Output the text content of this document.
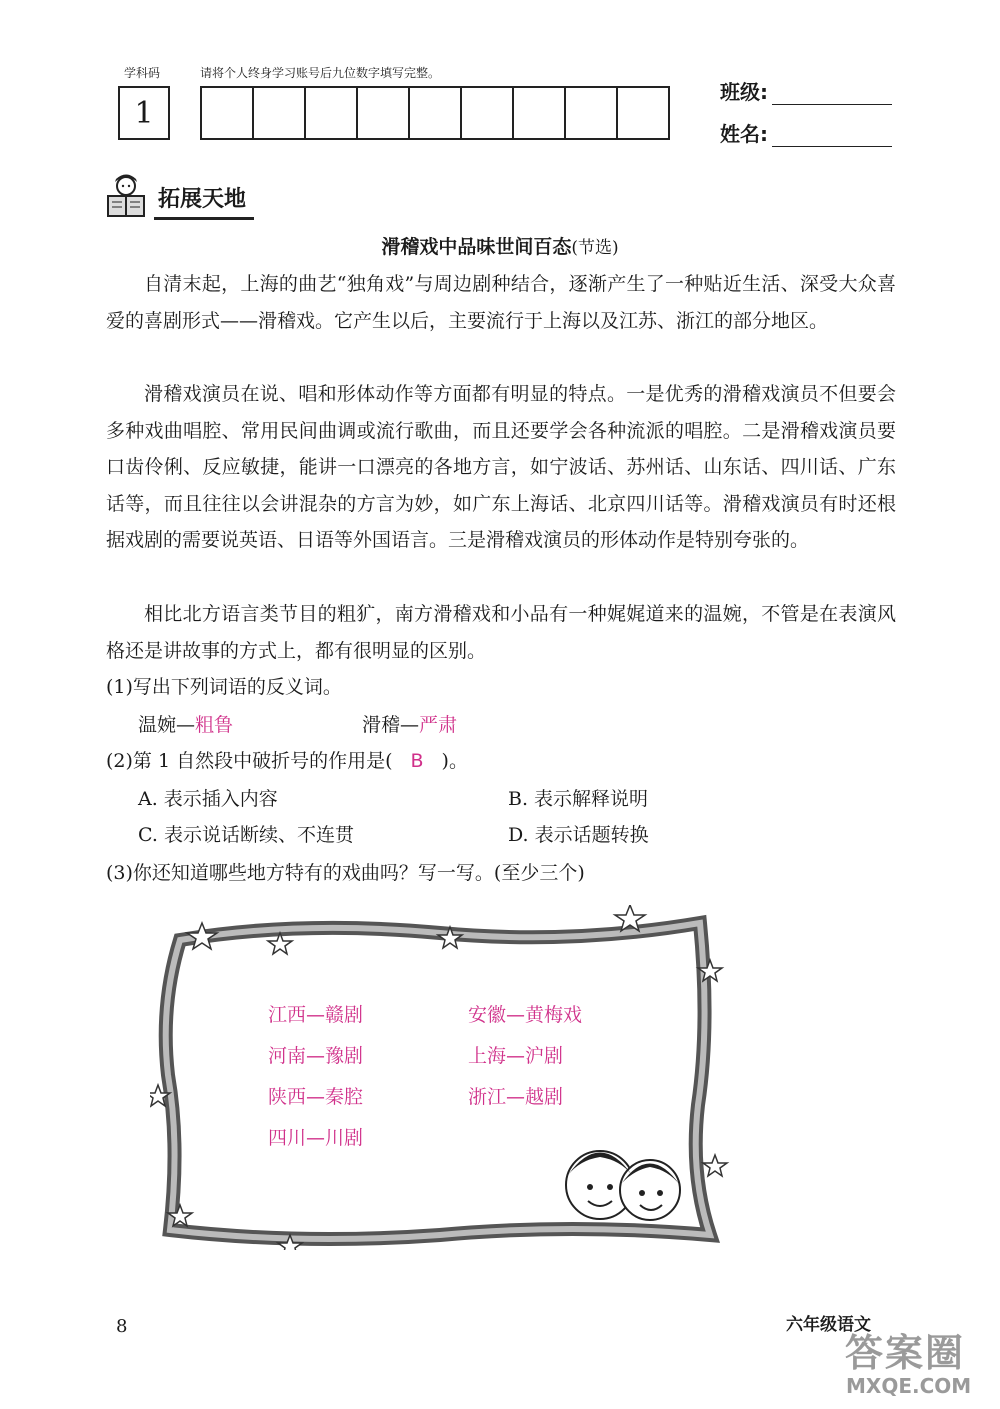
学科码	请将个人终身学习账号后九位数字填写完整。
1
班级:
姓名:
拓展天地
滑稽戏中品味世间百态(节选)
自清末起，上海的曲艺“独角戏”与周边剧种结合，逐渐产生了一种贴近生活、深受大众喜爱的喜剧形式——滑稽戏。它产生以后，主要流行于上海以及江苏、浙江的部分地区。
滑稽戏演员在说、唱和形体动作等方面都有明显的特点。一是优秀的滑稽戏演员不但要会多种戏曲唱腔、常用民间曲调或流行歌曲，而且还要学会各种流派的唱腔。二是滑稽戏演员要口齿伶俐、反应敏捷，能讲一口漂亮的各地方言，如宁波话、苏州话、山东话、四川话、广东话等，而且往往以会讲混杂的方言为妙，如广东上海话、北京四川话等。滑稽戏演员有时还根据戏剧的需要说英语、日语等外国语言。三是滑稽戏演员的形体动作是特别夸张的。
相比北方语言类节目的粗犷，南方滑稽戏和小品有一种娓娓道来的温婉，不管是在表演风格还是讲故事的方式上，都有很明显的区别。
(1)写出下列词语的反义词。
温婉—粗鲁	滑稽—严肃
(2)第 1 自然段中破折号的作用是( B )。
A. 表示插入内容	B. 表示解释说明
C. 表示说话断续、不连贯	D. 表示话题转换
(3)你还知道哪些地方特有的戏曲吗？写一写。(至少三个)
江西—赣剧	安徽—黄梅戏
河南—豫剧	上海—沪剧
陕西—秦腔	浙江—越剧
四川—川剧
8	六年级语文
答案圈
MXQE.COM
